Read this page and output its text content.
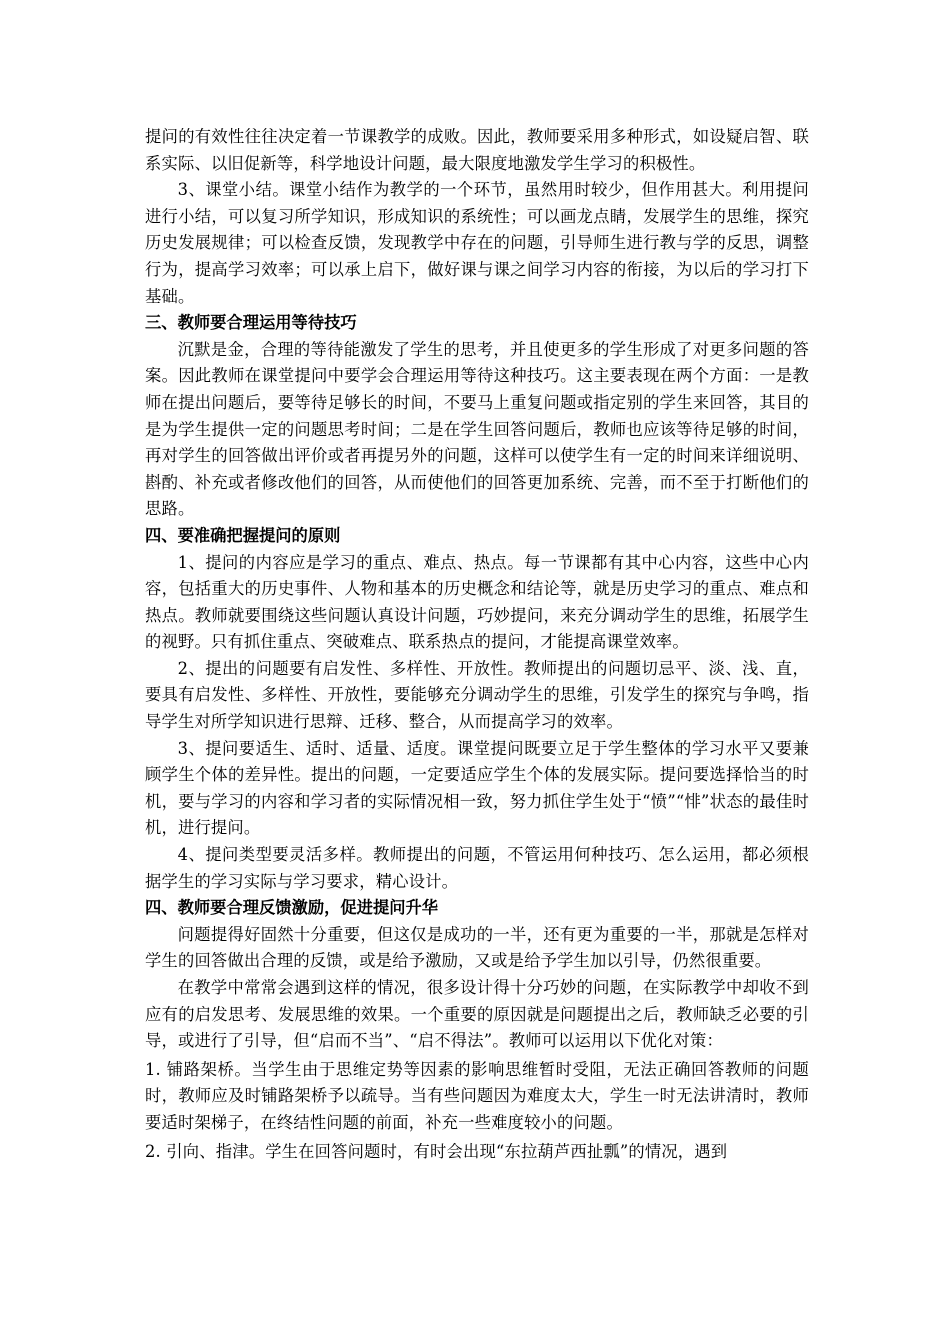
提问的有效性往往决定着一节课教学的成败。因此，教师要采用多种形式，如设疑启智、联系实际、以旧促新等，科学地设计问题，最大限度地激发学生学习的积极性。

3、课堂小结。课堂小结作为教学的一个环节，虽然用时较少，但作用甚大。利用提问进行小结，可以复习所学知识，形成知识的系统性；可以画龙点睛，发展学生的思维，探究历史发展规律；可以检查反馈，发现教学中存在的问题，引导师生进行教与学的反思，调整行为，提高学习效率；可以承上启下，做好课与课之间学习内容的衔接，为以后的学习打下基础。

三、教师要合理运用等待技巧

沉默是金，合理的等待能激发了学生的思考，并且使更多的学生形成了对更多问题的答案。因此教师在课堂提问中要学会合理运用等待这种技巧。这主要表现在两个方面：一是教师在提出问题后，要等待足够长的时间，不要马上重复问题或指定别的学生来回答，其目的是为学生提供一定的问题思考时间；二是在学生回答问题后，教师也应该等待足够的时间，再对学生的回答做出评价或者再提另外的问题，这样可以使学生有一定的时间来详细说明、斟酌、补充或者修改他们的回答，从而使他们的回答更加系统、完善，而不至于打断他们的思路。

四、要准确把握提问的原则

1、提问的内容应是学习的重点、难点、热点。每一节课都有其中心内容，这些中心内容，包括重大的历史事件、人物和基本的历史概念和结论等，就是历史学习的重点、难点和热点。教师就要围绕这些问题认真设计问题，巧妙提问，来充分调动学生的思维，拓展学生的视野。只有抓住重点、突破难点、联系热点的提问，才能提高课堂效率。

2、提出的问题要有启发性、多样性、开放性。教师提出的问题切忌平、淡、浅、直，要具有启发性、多样性、开放性，要能够充分调动学生的思维，引发学生的探究与争鸣，指导学生对所学知识进行思辩、迁移、整合，从而提高学习的效率。

3、提问要适生、适时、适量、适度。课堂提问既要立足于学生整体的学习水平又要兼顾学生个体的差异性。提出的问题，一定要适应学生个体的发展实际。提问要选择恰当的时机，要与学习的内容和学习者的实际情况相一致，努力抓住学生处于“愤”“悱”状态的最佳时机，进行提问。

4、提问类型要灵活多样。教师提出的问题，不管运用何种技巧、怎么运用，都必须根据学生的学习实际与学习要求，精心设计。

四、教师要合理反馈激励，促进提问升华

问题提得好固然十分重要，但这仅是成功的一半，还有更为重要的一半，那就是怎样对学生的回答做出合理的反馈，或是给予激励，又或是给予学生加以引导，仍然很重要。

在教学中常常会遇到这样的情况，很多设计得十分巧妙的问题，在实际教学中却收不到应有的启发思考、发展思维的效果。一个重要的原因就是问题提出之后，教师缺乏必要的引导，或进行了引导，但“启而不当”、“启不得法”。教师可以运用以下优化对策：

1. 铺路架桥。当学生由于思维定势等因素的影响思维暂时受阻，无法正确回答教师的问题时，教师应及时铺路架桥予以疏导。当有些问题因为难度太大，学生一时无法讲清时，教师要适时架梯子，在终结性问题的前面，补充一些难度较小的问题。

2. 引向、指津。学生在回答问题时，有时会出现“东拉葫芦西扯瓢”的情况，遇到
